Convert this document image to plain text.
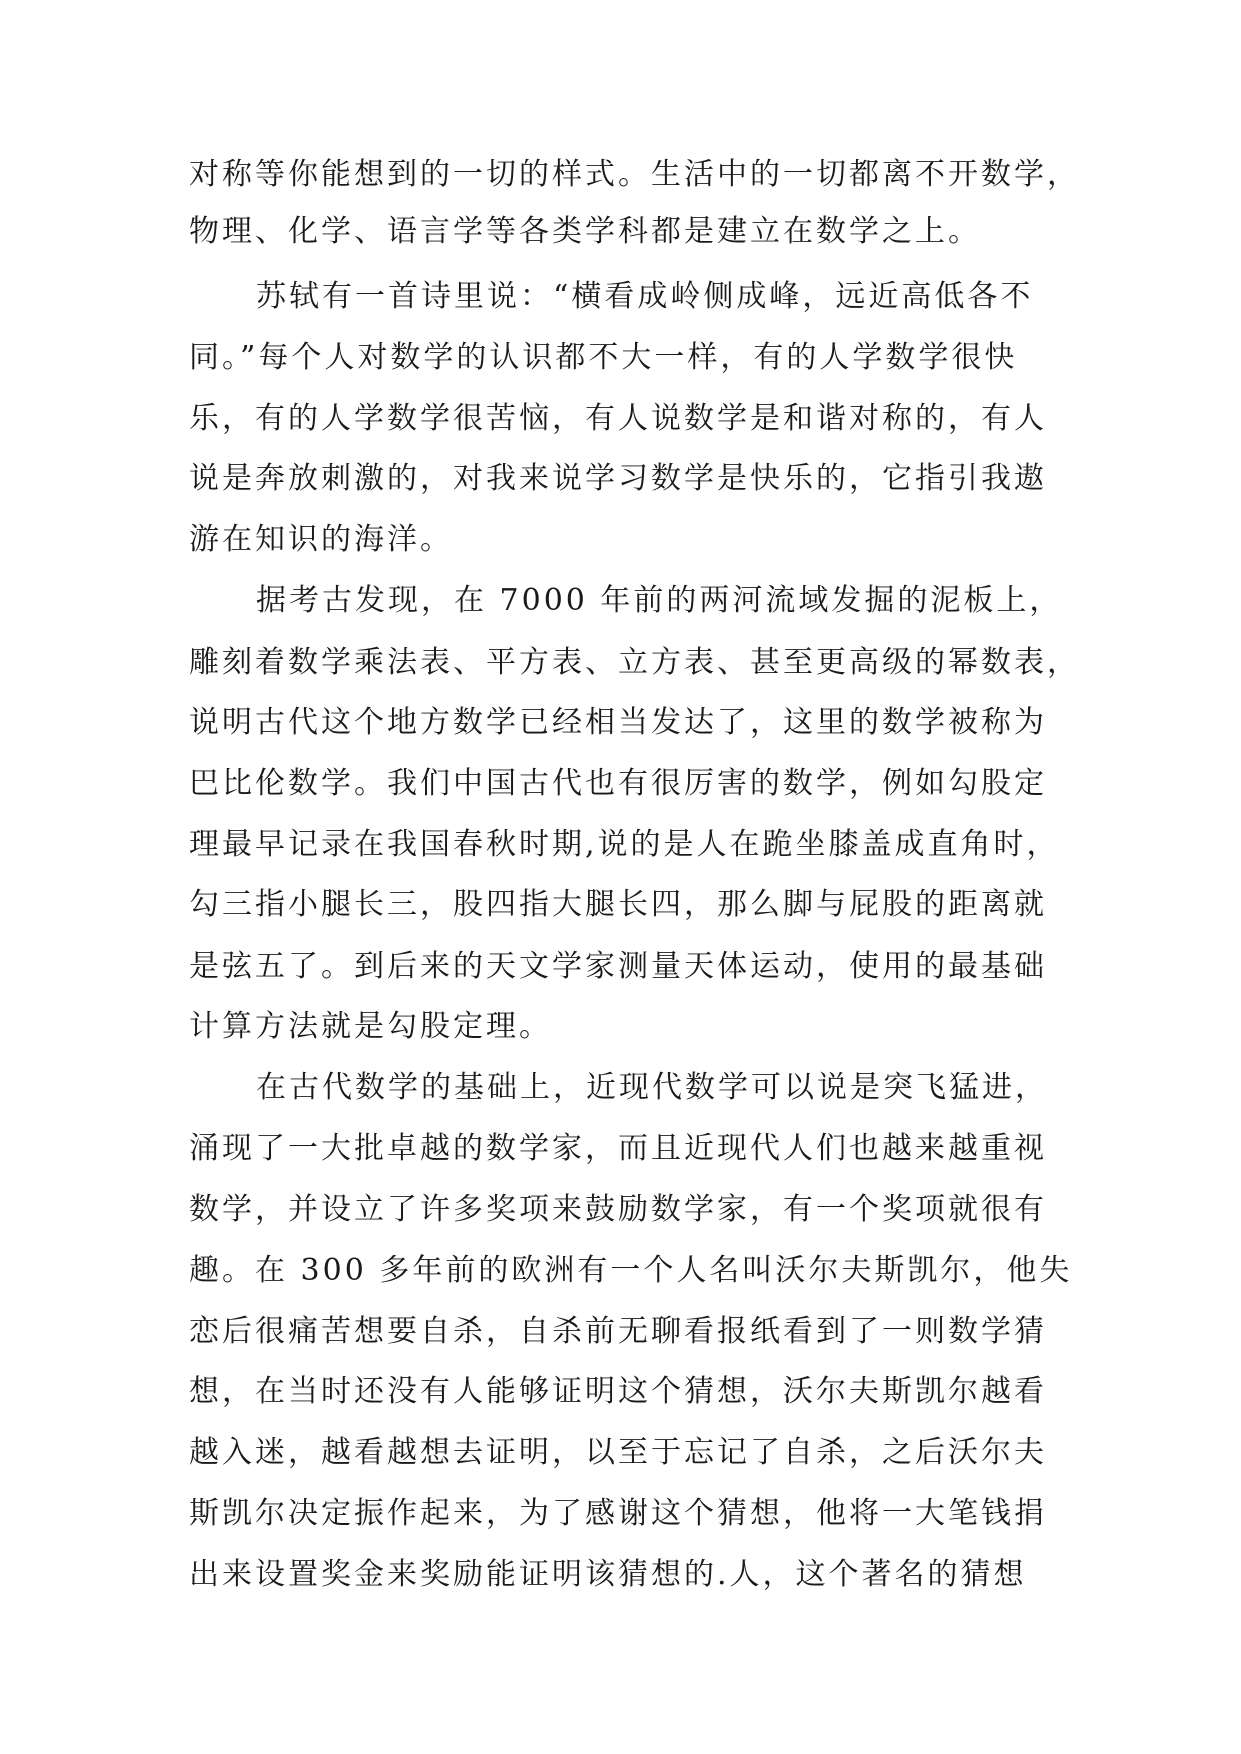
对称等你能想到的一切的样式。生活中的一切都离不开数学，
物理、化学、语言学等各类学科都是建立在数学之上。
苏轼有一首诗里说：“横看成岭侧成峰，远近高低各不
同。”每个人对数学的认识都不大一样，有的人学数学很快
乐，有的人学数学很苦恼，有人说数学是和谐对称的，有人
说是奔放刺激的，对我来说学习数学是快乐的，它指引我遨
游在知识的海洋。
据考古发现，在 7000 年前的两河流域发掘的泥板上，
雕刻着数学乘法表、平方表、立方表、甚至更高级的幂数表，
说明古代这个地方数学已经相当发达了，这里的数学被称为
巴比伦数学。我们中国古代也有很厉害的数学，例如勾股定
理最早记录在我国春秋时期,说的是人在跪坐膝盖成直角时，
勾三指小腿长三，股四指大腿长四，那么脚与屁股的距离就
是弦五了。到后来的天文学家测量天体运动，使用的最基础
计算方法就是勾股定理。
在古代数学的基础上，近现代数学可以说是突飞猛进，
涌现了一大批卓越的数学家，而且近现代人们也越来越重视
数学，并设立了许多奖项来鼓励数学家，有一个奖项就很有
趣。在 300 多年前的欧洲有一个人名叫沃尔夫斯凯尔，他失
恋后很痛苦想要自杀，自杀前无聊看报纸看到了一则数学猜
想，在当时还没有人能够证明这个猜想，沃尔夫斯凯尔越看
越入迷，越看越想去证明，以至于忘记了自杀，之后沃尔夫
斯凯尔决定振作起来，为了感谢这个猜想，他将一大笔钱捐
出来设置奖金来奖励能证明该猜想的.人，这个著名的猜想
